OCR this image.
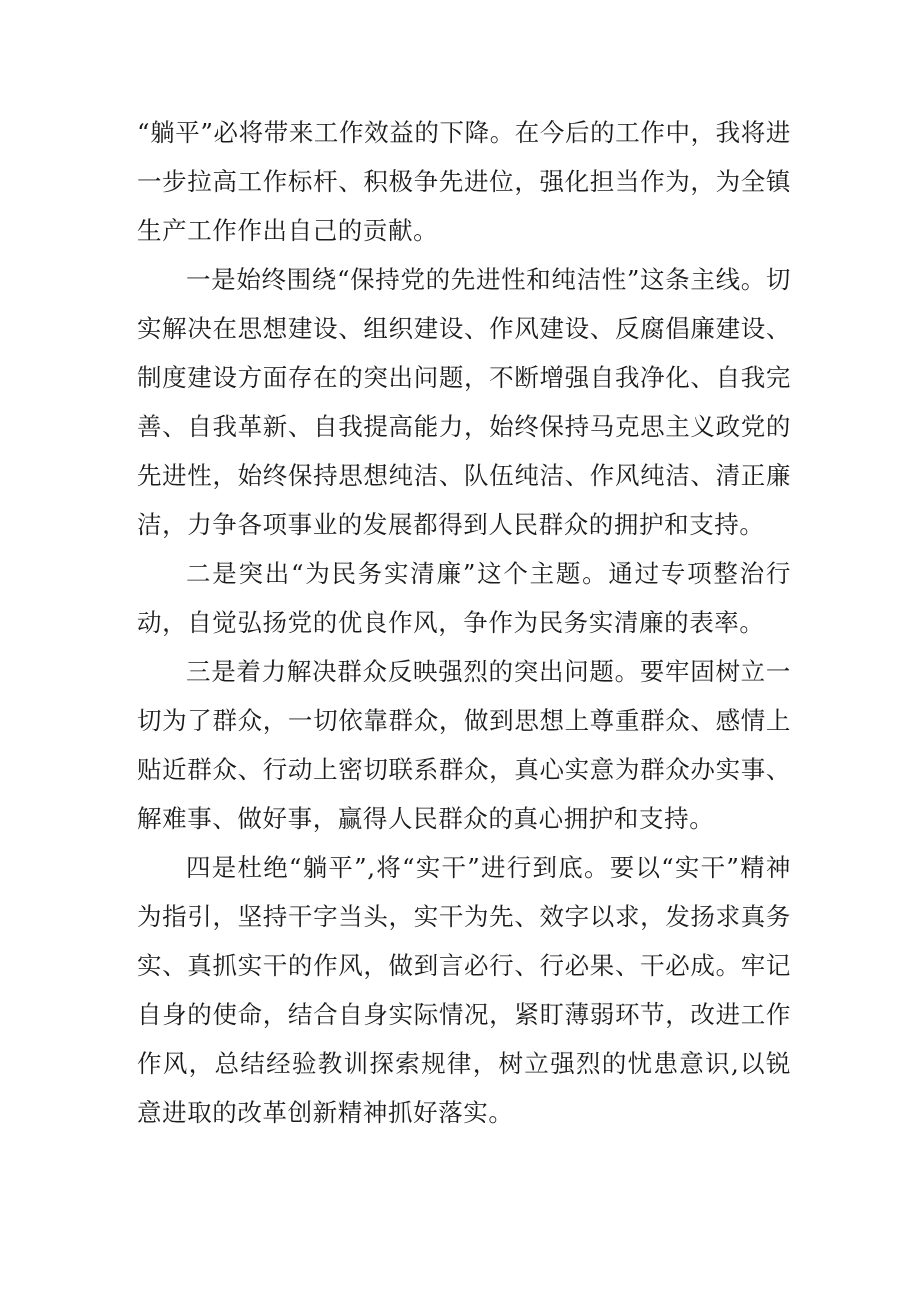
“躺平”必将带来工作效益的下降。在今后的工作中，我将进一步拉高工作标杆、积极争先进位，强化担当作为，为全镇生产工作作出自己的贡献。

一是始终围绕“保持党的先进性和纯洁性”这条主线。切实解决在思想建设、组织建设、作风建设、反腐倡廉建设、制度建设方面存在的突出问题，不断增强自我净化、自我完善、自我革新、自我提高能力，始终保持马克思主义政党的先进性，始终保持思想纯洁、队伍纯洁、作风纯洁、清正廉洁，力争各项事业的发展都得到人民群众的拥护和支持。

二是突出“为民务实清廉”这个主题。通过专项整治行动，自觉弘扬党的优良作风，争作为民务实清廉的表率。

三是着力解决群众反映强烈的突出问题。要牢固树立一切为了群众，一切依靠群众，做到思想上尊重群众、感情上贴近群众、行动上密切联系群众，真心实意为群众办实事、解难事、做好事，赢得人民群众的真心拥护和支持。

四是杜绝“躺平”,将“实干”进行到底。要以“实干”精神为指引，坚持干字当头，实干为先、效字以求，发扬求真务实、真抓实干的作风，做到言必行、行必果、干必成。牢记自身的使命，结合自身实际情况，紧盯薄弱环节，改进工作作风，总结经验教训探索规律，树立强烈的忧患意识,以锐意进取的改革创新精神抓好落实。
